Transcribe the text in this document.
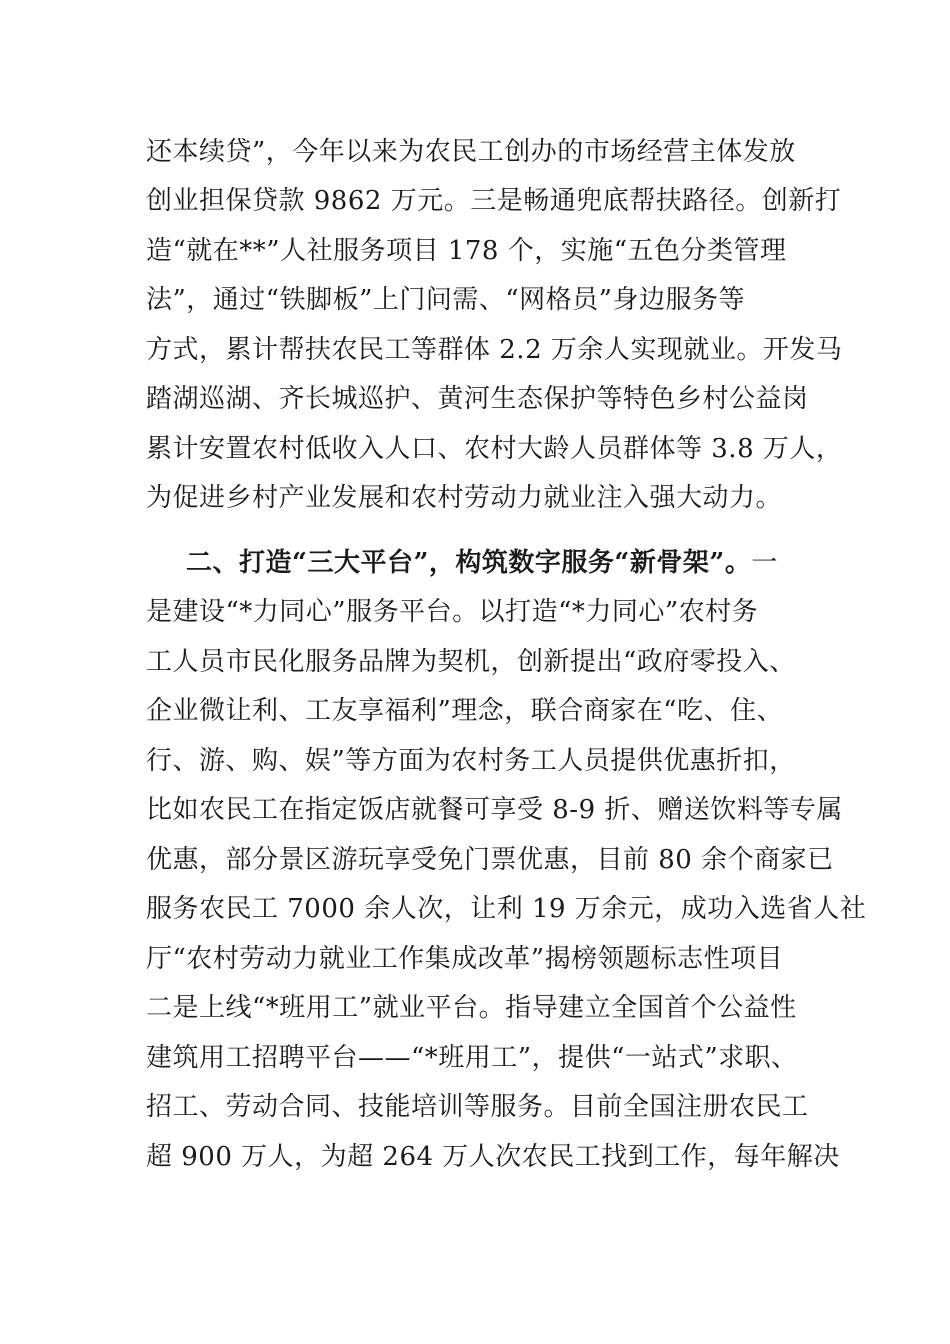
还本续贷”，今年以来为农民工创办的市场经营主体发放
创业担保贷款 9862 万元。三是畅通兜底帮扶路径。创新打
造“就在**”人社服务项目 178 个，实施“五色分类管理
法”，通过“铁脚板”上门问需、“网格员”身边服务等
方式，累计帮扶农民工等群体 2.2 万余人实现就业。开发马
踏湖巡湖、齐长城巡护、黄河生态保护等特色乡村公益岗
累计安置农村低收入人口、农村大龄人员群体等 3.8 万人，
为促进乡村产业发展和农村劳动力就业注入强大动力。
二、打造“三大平台”，构筑数字服务“新骨架”。一
是建设“*力同心”服务平台。以打造“*力同心”农村务
工人员市民化服务品牌为契机，创新提出“政府零投入、
企业微让利、工友享福利”理念，联合商家在“吃、住、
行、游、购、娱”等方面为农村务工人员提供优惠折扣，
比如农民工在指定饭店就餐可享受 8-9 折、赠送饮料等专属
优惠，部分景区游玩享受免门票优惠，目前 80 余个商家已
服务农民工 7000 余人次，让利 19 万余元，成功入选省人社
厅“农村劳动力就业工作集成改革”揭榜领题标志性项目
二是上线“*班用工”就业平台。指导建立全国首个公益性
建筑用工招聘平台——“*班用工”，提供“一站式”求职、
招工、劳动合同、技能培训等服务。目前全国注册农民工
超 900 万人，为超 264 万人次农民工找到工作，每年解决
